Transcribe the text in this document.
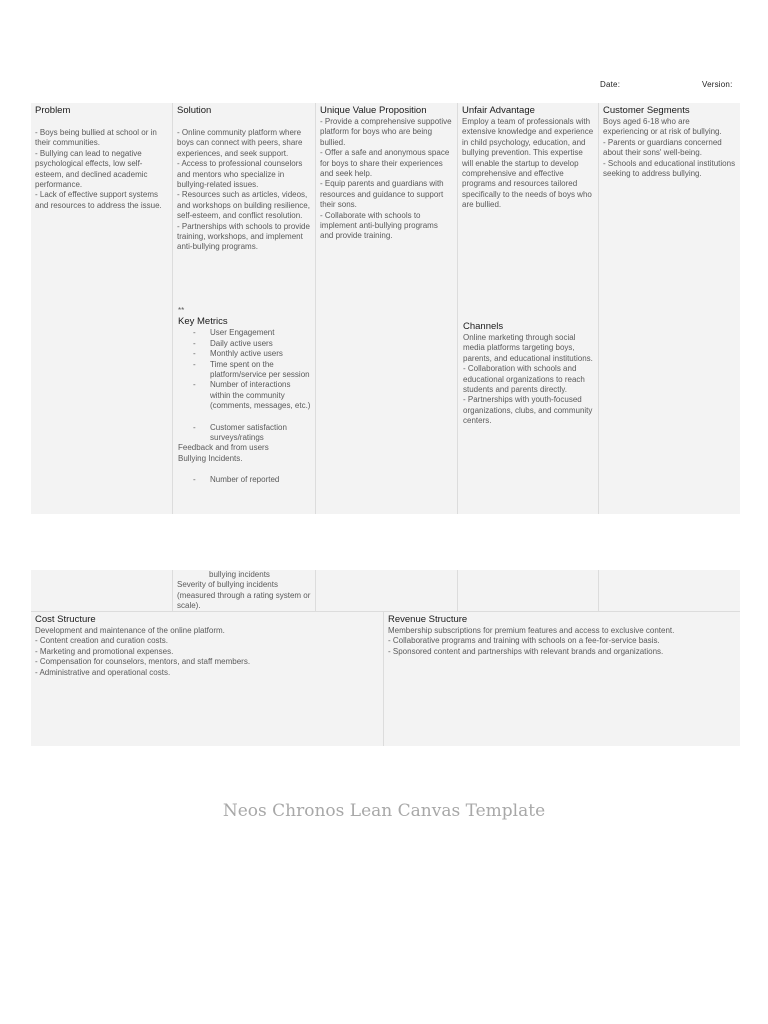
Date:	Version:
Problem
- Boys being bullied at school or in their communities.
- Bullying can lead to negative psychological effects, low self-esteem, and declined academic performance.
- Lack of effective support systems and resources to address the issue.
Solution
- Online community platform where boys can connect with peers, share experiences, and seek support.
- Access to professional counselors and mentors who specialize in bullying-related issues.
- Resources such as articles, videos, and workshops on building resilience, self-esteem, and conflict resolution.
- Partnerships with schools to provide training, workshops, and implement anti-bullying programs.
**
Key Metrics
- User Engagement
- Daily active users
- Monthly active users
- Time spent on the platform/service per session
- Number of interactions within the community (comments, messages, etc.)
- Customer satisfaction surveys/ratings
Feedback and from users
Bullying Incidents.
- Number of reported
Unique Value Proposition
- Provide a comprehensive suppotive platform for boys who are being bullied.
- Offer a safe and anonymous space for boys to share their experiences and seek help.
- Equip parents and guardians with resources and guidance to support their sons.
- Collaborate with schools to implement anti-bullying programs and provide training.
Unfair Advantage
Employ a team of professionals with extensive knowledge and experience in child psychology, education, and bullying prevention. This expertise will enable the startup to develop comprehensive and effective programs and resources tailored specifically to the needs of boys who are bullied.
Channels
Online marketing through social media platforms targeting boys, parents, and educational institutions.
- Collaboration with schools and educational organizations to reach students and parents directly.
- Partnerships with youth-focused organizations, clubs, and community centers.
Customer Segments
Boys aged 6-18 who are experiencing or at risk of bullying.
- Parents or guardians concerned about their sons' well-being.
- Schools and educational institutions seeking to address bullying.
bullying incidents
Severity of bullying incidents (measured through a rating system or scale).
Cost Structure
Development and maintenance of the online platform.
- Content creation and curation costs.
- Marketing and promotional expenses.
- Compensation for counselors, mentors, and staff members.
- Administrative and operational costs.
Revenue Structure
Membership subscriptions for premium features and access to exclusive content.
- Collaborative programs and training with schools on a fee-for-service basis.
- Sponsored content and partnerships with relevant brands and organizations.
Neos Chronos Lean Canvas Template
